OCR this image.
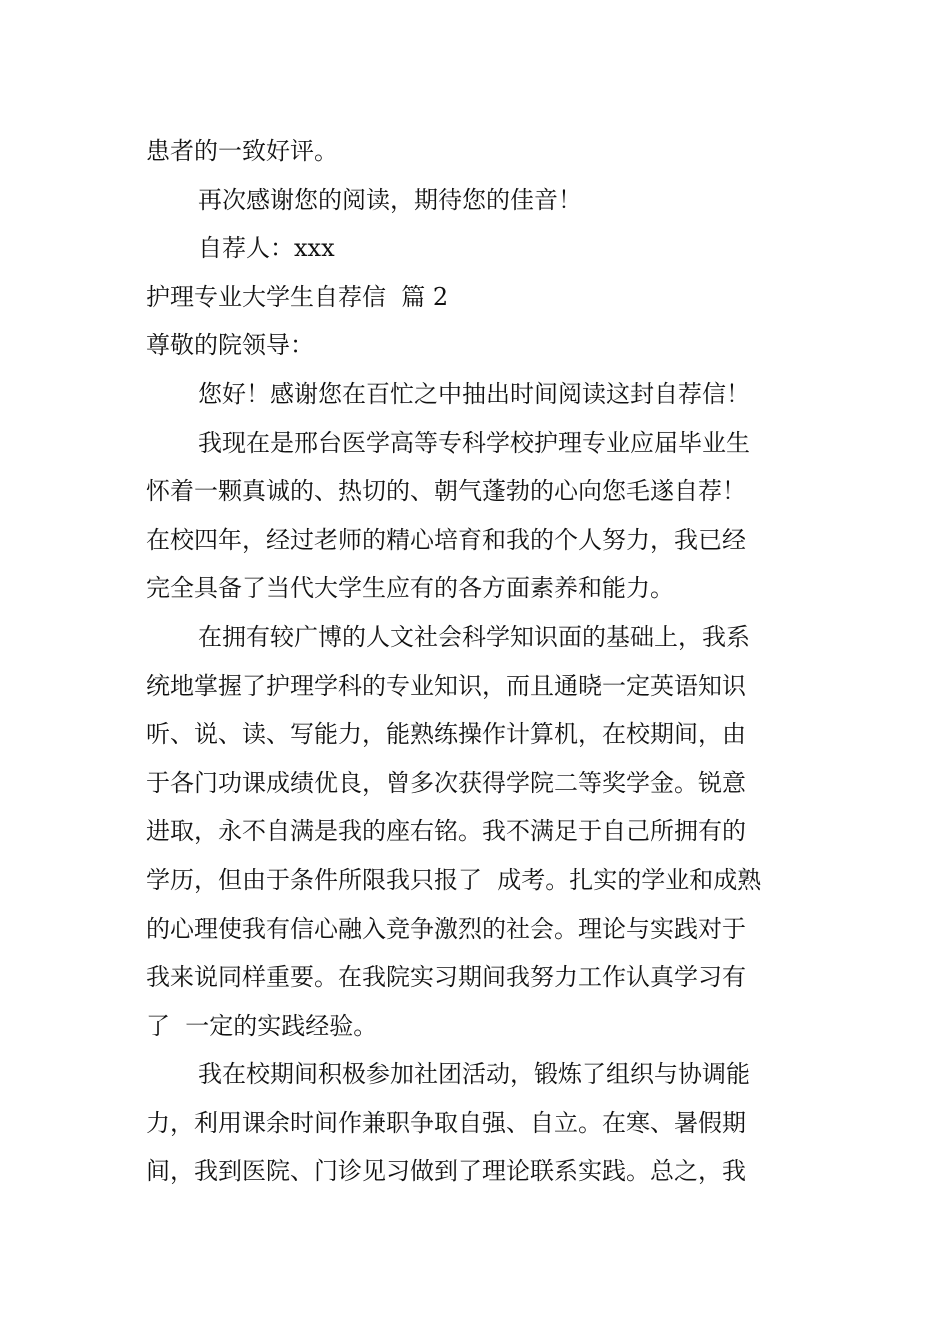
患者的一致好评。

再次感谢您的阅读，期待您的佳音！

自荐人：xxx

护理专业大学生自荐信  篇 2

尊敬的院领导：

您好！感谢您在百忙之中抽出时间阅读这封自荐信！

我现在是邢台医学高等专科学校护理专业应届毕业生

怀着一颗真诚的、热切的、朝气蓬勃的心向您毛遂自荐！

在校四年，经过老师的精心培育和我的个人努力，我已经

完全具备了当代大学生应有的各方面素养和能力。

在拥有较广博的人文社会科学知识面的基础上，我系

统地掌握了护理学科的专业知识，而且通晓一定英语知识

听、说、读、写能力，能熟练操作计算机，在校期间，由

于各门功课成绩优良，曾多次获得学院二等奖学金。锐意

进取，永不自满是我的座右铭。我不满足于自己所拥有的

学历，但由于条件所限我只报了  成考。扎实的学业和成熟

的心理使我有信心融入竞争激烈的社会。理论与实践对于

我来说同样重要。在我院实习期间我努力工作认真学习有

了  一定的实践经验。

我在校期间积极参加社团活动，锻炼了组织与协调能

力，利用课余时间作兼职争取自强、自立。在寒、暑假期

间，我到医院、门诊见习做到了理论联系实践。总之，我
